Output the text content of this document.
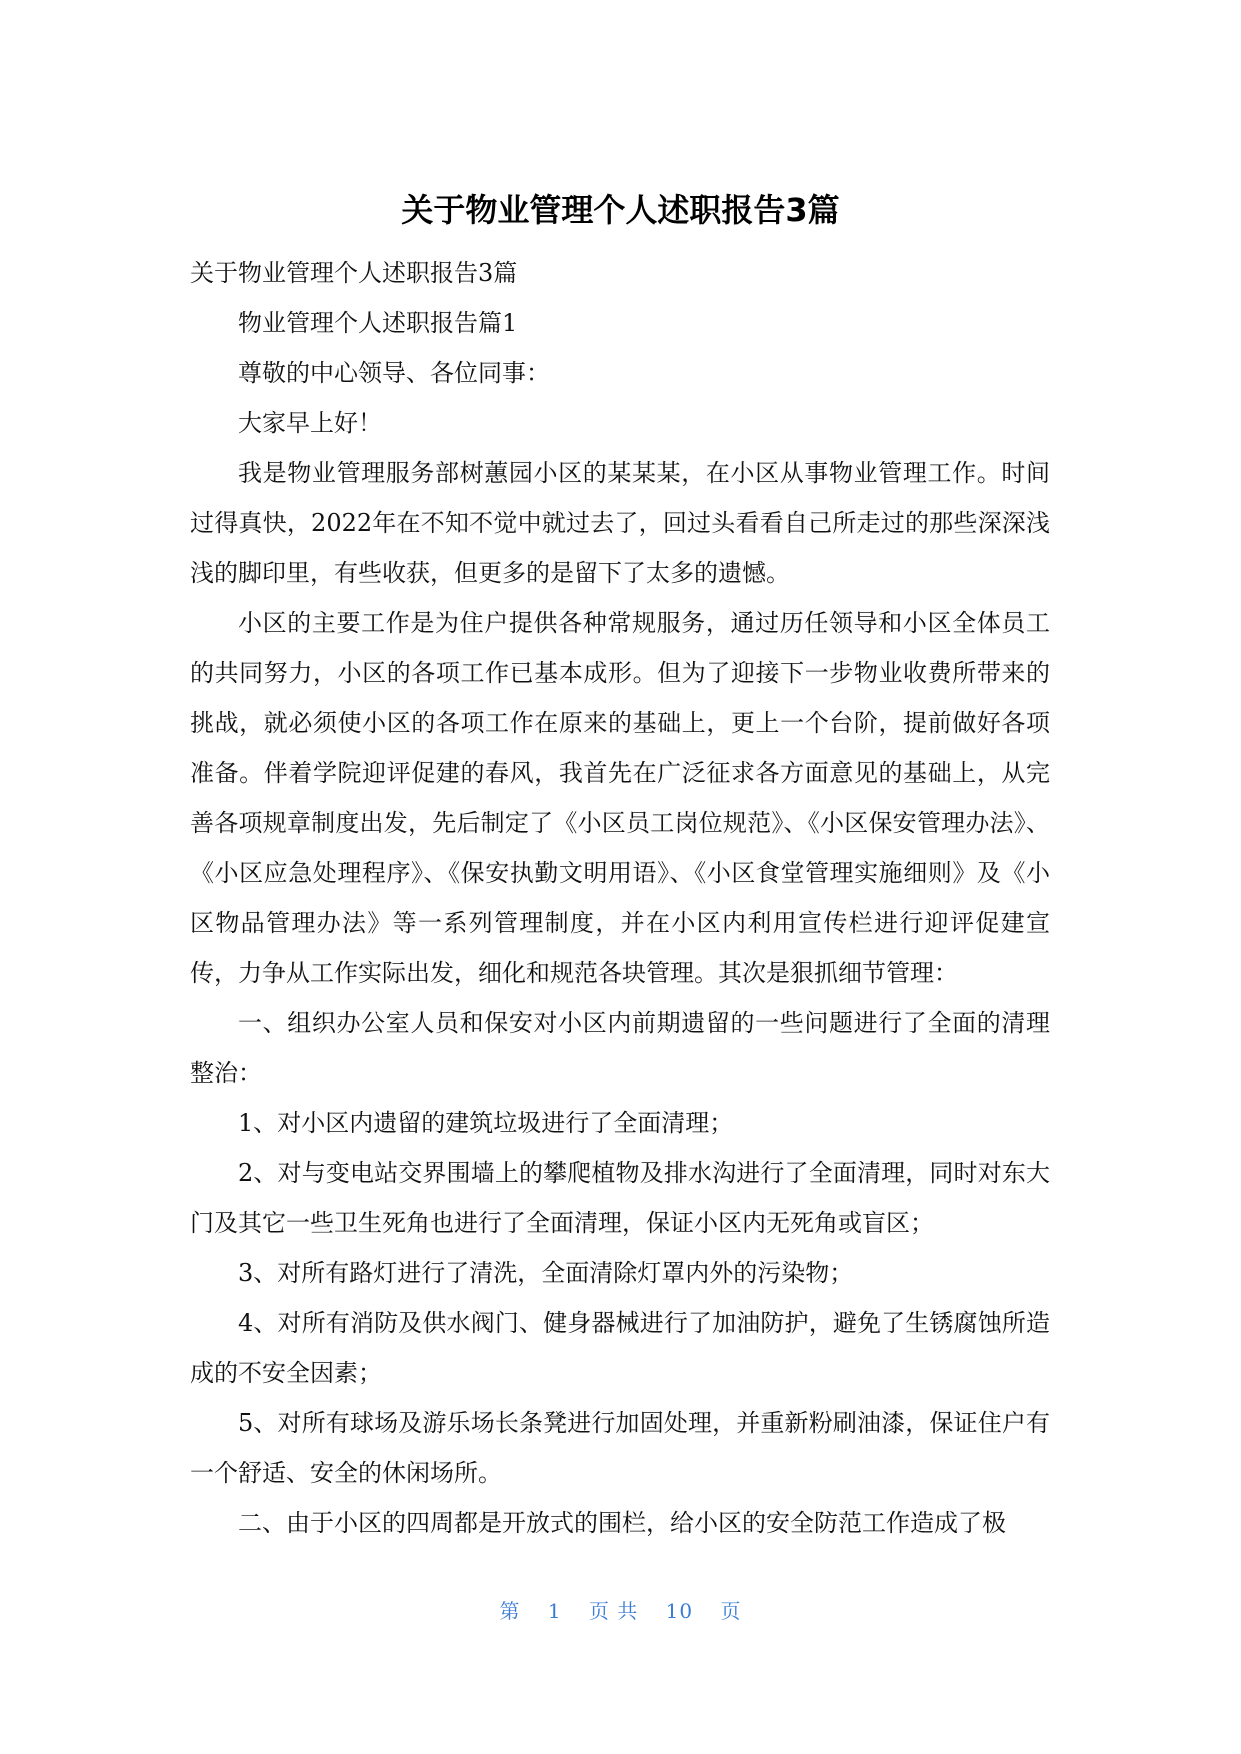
关于物业管理个人述职报告3篇

关于物业管理个人述职报告3篇

物业管理个人述职报告篇1

尊敬的中心领导、各位同事：

大家早上好！

我是物业管理服务部树蕙园小区的某某某，在小区从事物业管理工作。时间过得真快，2022年在不知不觉中就过去了，回过头看看自己所走过的那些深深浅浅的脚印里，有些收获，但更多的是留下了太多的遗憾。

小区的主要工作是为住户提供各种常规服务，通过历任领导和小区全体员工的共同努力，小区的各项工作已基本成形。但为了迎接下一步物业收费所带来的挑战，就必须使小区的各项工作在原来的基础上，更上一个台阶，提前做好各项准备。伴着学院迎评促建的春风，我首先在广泛征求各方面意见的基础上，从完善各项规章制度出发，先后制定了《小区员工岗位规范》、《小区保安管理办法》、《小区应急处理程序》、《保安执勤文明用语》、《小区食堂管理实施细则》及《小区物品管理办法》等一系列管理制度，并在小区内利用宣传栏进行迎评促建宣传，力争从工作实际出发，细化和规范各块管理。其次是狠抓细节管理：

一、组织办公室人员和保安对小区内前期遗留的一些问题进行了全面的清理整治：

1、对小区内遗留的建筑垃圾进行了全面清理；

2、对与变电站交界围墙上的攀爬植物及排水沟进行了全面清理，同时对东大门及其它一些卫生死角也进行了全面清理，保证小区内无死角或盲区；

3、对所有路灯进行了清洗，全面清除灯罩内外的污染物；

4、对所有消防及供水阀门、健身器械进行了加油防护，避免了生锈腐蚀所造成的不安全因素；

5、对所有球场及游乐场长条凳进行加固处理，并重新粉刷油漆，保证住户有一个舒适、安全的休闲场所。

二、由于小区的四周都是开放式的围栏，给小区的安全防范工作造成了极

第 1 页 共 10 页
